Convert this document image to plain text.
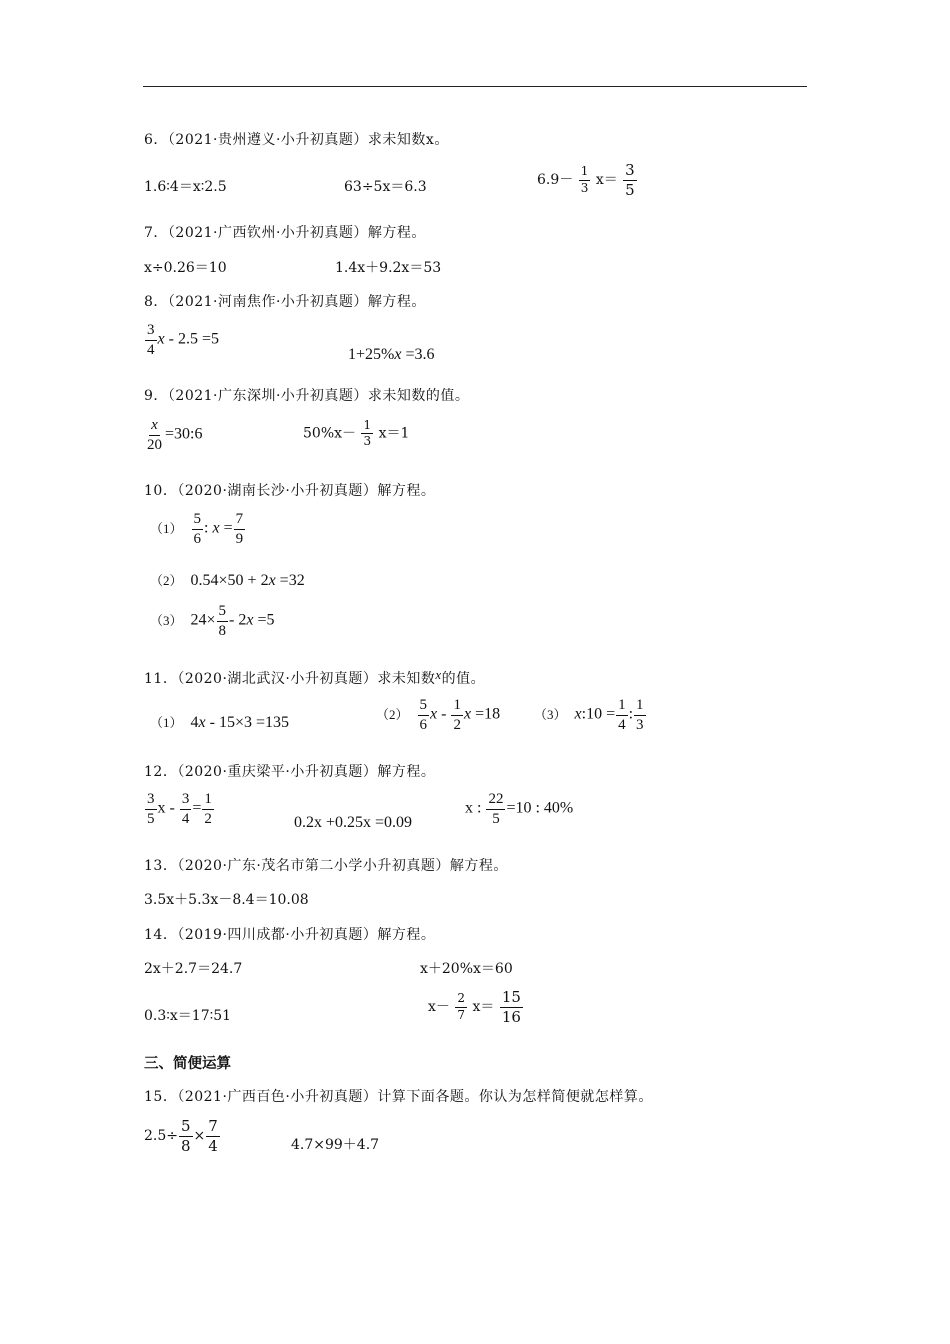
6．（2021·贵州遵义·小升初真题）求未知数x。
1.6∶4＝x∶2.5	63÷5x＝6.3	$6.9- \frac{1}{3} x= \frac{3}{5}$
7．（2021·广西钦州·小升初真题）解方程。
x÷0.26＝10	1.4x＋9.2x＝53
8．（2021·河南焦作·小升初真题）解方程。
$\frac{3}{4}$ x - 2.5 =5
1+25%x =3.6
9．（2021·广东深圳·小升初真题）求未知数的值。
$\frac{x}{20}$ =30:6	$50\%x- \frac{1}{3} x=1$
10．（2020·湖南长沙·小升初真题）解方程。
$(1) \frac{5}{6}$ : $x = \frac{7}{9}$
（2） 0.54×50 + 2x =32
（3） $24\times \frac{5}{8} - 2x =5$
11．（2020·湖北武汉·小升初真题）求未知数x的值。
（1） 4x - 15×3 =135	$(2) \frac{5}{6}$ x - $\frac{1}{2}$ x =18	（3） x:10 = $\frac{1}{4}$ : $\frac{1}{3}$
12．（2020·重庆梁平·小升初真题）解方程。
$\frac{3}{5}$ $x - \frac{3}{4} = \frac{1}{2}$	0.2x +0.25x =0.09
x : $\frac{22}{5} =10$ : 40%
13．（2020·广东·茂名市第二小学小升初真题）解方程。
3.5x＋5.3x－8.4＝10.08
14．（2019·四川成都·小升初真题）解方程。
2x＋2.7＝24.7	x＋20%x＝60
0.3∶x＝17∶51
$x- \frac{2}{7} x= \frac{15}{16}$
三、简便运算
15．（2021·广西百色·小升初真题）计算下面各题。你认为怎样简便就怎样算。
$2.5\div \frac{5}{8} \times \frac{7}{4}$	4.7×99＋4.7
